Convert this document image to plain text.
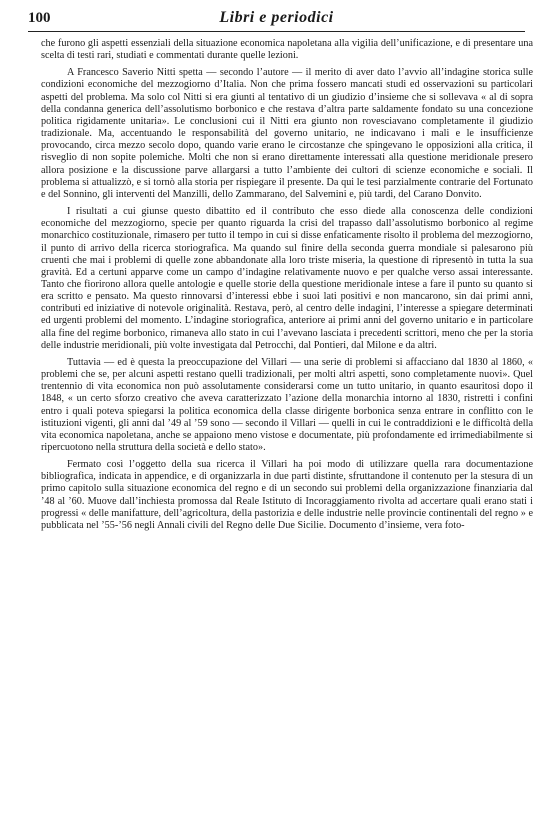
100	Libri e periodici

che furono gli aspetti essenziali della situazione economica napoletana alla vigilia dell’unificazione, e di presentare una scelta di testi rari, studiati e commentati durante quelle lezioni.

A Francesco Saverio Nitti spetta — secondo l’autore — il merito di aver dato l’avvio all’indagine storica sulle condizioni economiche del mezzogiorno d’Italia. Non che prima fossero mancati studi ed osservazioni su particolari aspetti del problema. Ma solo col Nitti si era giunti al tentativo di un giudizio d’insieme che si sollevava « al di sopra della condanna generica dell’assolutismo borbonico e che restava d’altra parte saldamente fondato su una concezione politica rigidamente unitaria». Le conclusioni cui il Nitti era giunto non rovesciavano completamente il giudizio tradizionale. Ma, accentuando le responsabilità del governo unitario, ne indicavano i mali e le insufficienze provocando, circa mezzo secolo dopo, quando varie erano le circostanze che spingevano le opposizioni alla critica, il risveglio di non sopite polemiche. Molti che non si erano direttamente interessati alla questione meridionale presero allora posizione e la discussione parve allargarsi a tutto l’ambiente dei cultori di scienze economiche e sociali. Il problema si attualizzò, e si tornò alla storia per rispiegare il presente. Da qui le tesi parzialmente contrarie del Fortunato e del Sonnino, gli interventi del Manzilli, dello Zammarano, del Salvemini e, più tardi, del Carano Donvito.

I risultati a cui giunse questo dibattito ed il contributo che esso diede alla conoscenza delle condizioni economiche del mezzogiorno, specie per quanto riguarda la crisi del trapasso dall’assolutismo borbonico al regime monarchico costituzionale, rimasero per tutto il tempo in cui si disse enfaticamente risolto il problema del mezzogiorno, il punto di arrivo della ricerca storiografica. Ma quando sul finire della seconda guerra mondiale si palesarono più cruenti che mai i problemi di quelle zone abbandonate alla loro triste miseria, la questione di ripresentò in tutta la sua gravità. Ed a certuni apparve come un campo d’indagine relativamente nuovo e per qualche verso assai interessante. Tanto che fiorirono allora quelle antologie e quelle storie della questione meridionale intese a fare il punto su quanto si era scritto e pensato. Ma questo rinnovarsi d’interessi ebbe i suoi lati positivi e non mancarono, sin dai primi anni, contributi ed iniziative di notevole originalità. Restava, però, al centro delle indagini, l’interesse a spiegare determinati ed urgenti problemi del momento. L’indagine storiografica, anteriore ai primi anni del governo unitario e in particolare alla fine del regime borbonico, rimaneva allo stato in cui l’avevano lasciata i precedenti scrittori, meno che per la storia delle industrie meridionali, più volte investigata dal Petrocchi, dal Pontieri, dal Milone e da altri.

Tuttavia — ed è questa la preoccupazione del Villari — una serie di problemi si affacciano dal 1830 al 1860, « problemi che se, per alcuni aspetti restano quelli tradizionali, per molti altri aspetti, sono completamente nuovi». Quel trentennio di vita economica non può assolutamente considerarsi come un tutto unitario, in quanto esauritosi dopo il 1848, « un certo sforzo creativo che aveva caratterizzato l’azione della monarchia intorno al 1830, ristretti i confini entro i quali poteva spiegarsi la politica economica della classe dirigente borbonica senza entrare in conflitto con le istituzioni vigenti, gli anni dal ’49 al ’59 sono — secondo il Villari — quelli in cui le contraddizioni e le difficoltà della vita economica napoletana, anche se appaiono meno vistose e documentate, più profondamente ed irrimediabilmente si ripercuotono nella struttura della società e dello stato».

Fermato così l’oggetto della sua ricerca il Villari ha poi modo di utilizzare quella rara documentazione bibliografica, indicata in appendice, e di organizzarla in due parti distinte, sfruttandone il contenuto per la stesura di un primo capitolo sulla situazione economica del regno e di un secondo sui problemi della organizzazione finanziaria dal ’48 al ’60. Muove dall’inchiesta promossa dal Reale Istituto di Incoraggiamento rivolta ad accertare quali erano stati i progressi « delle manifatture, dell’agricoltura, della pastorizia e delle industrie nelle provincie continentali del regno » e pubblicata nel ’55-’56 negli Annali civili del Regno delle Due Sicilie. Documento d’insieme, vera foto-
